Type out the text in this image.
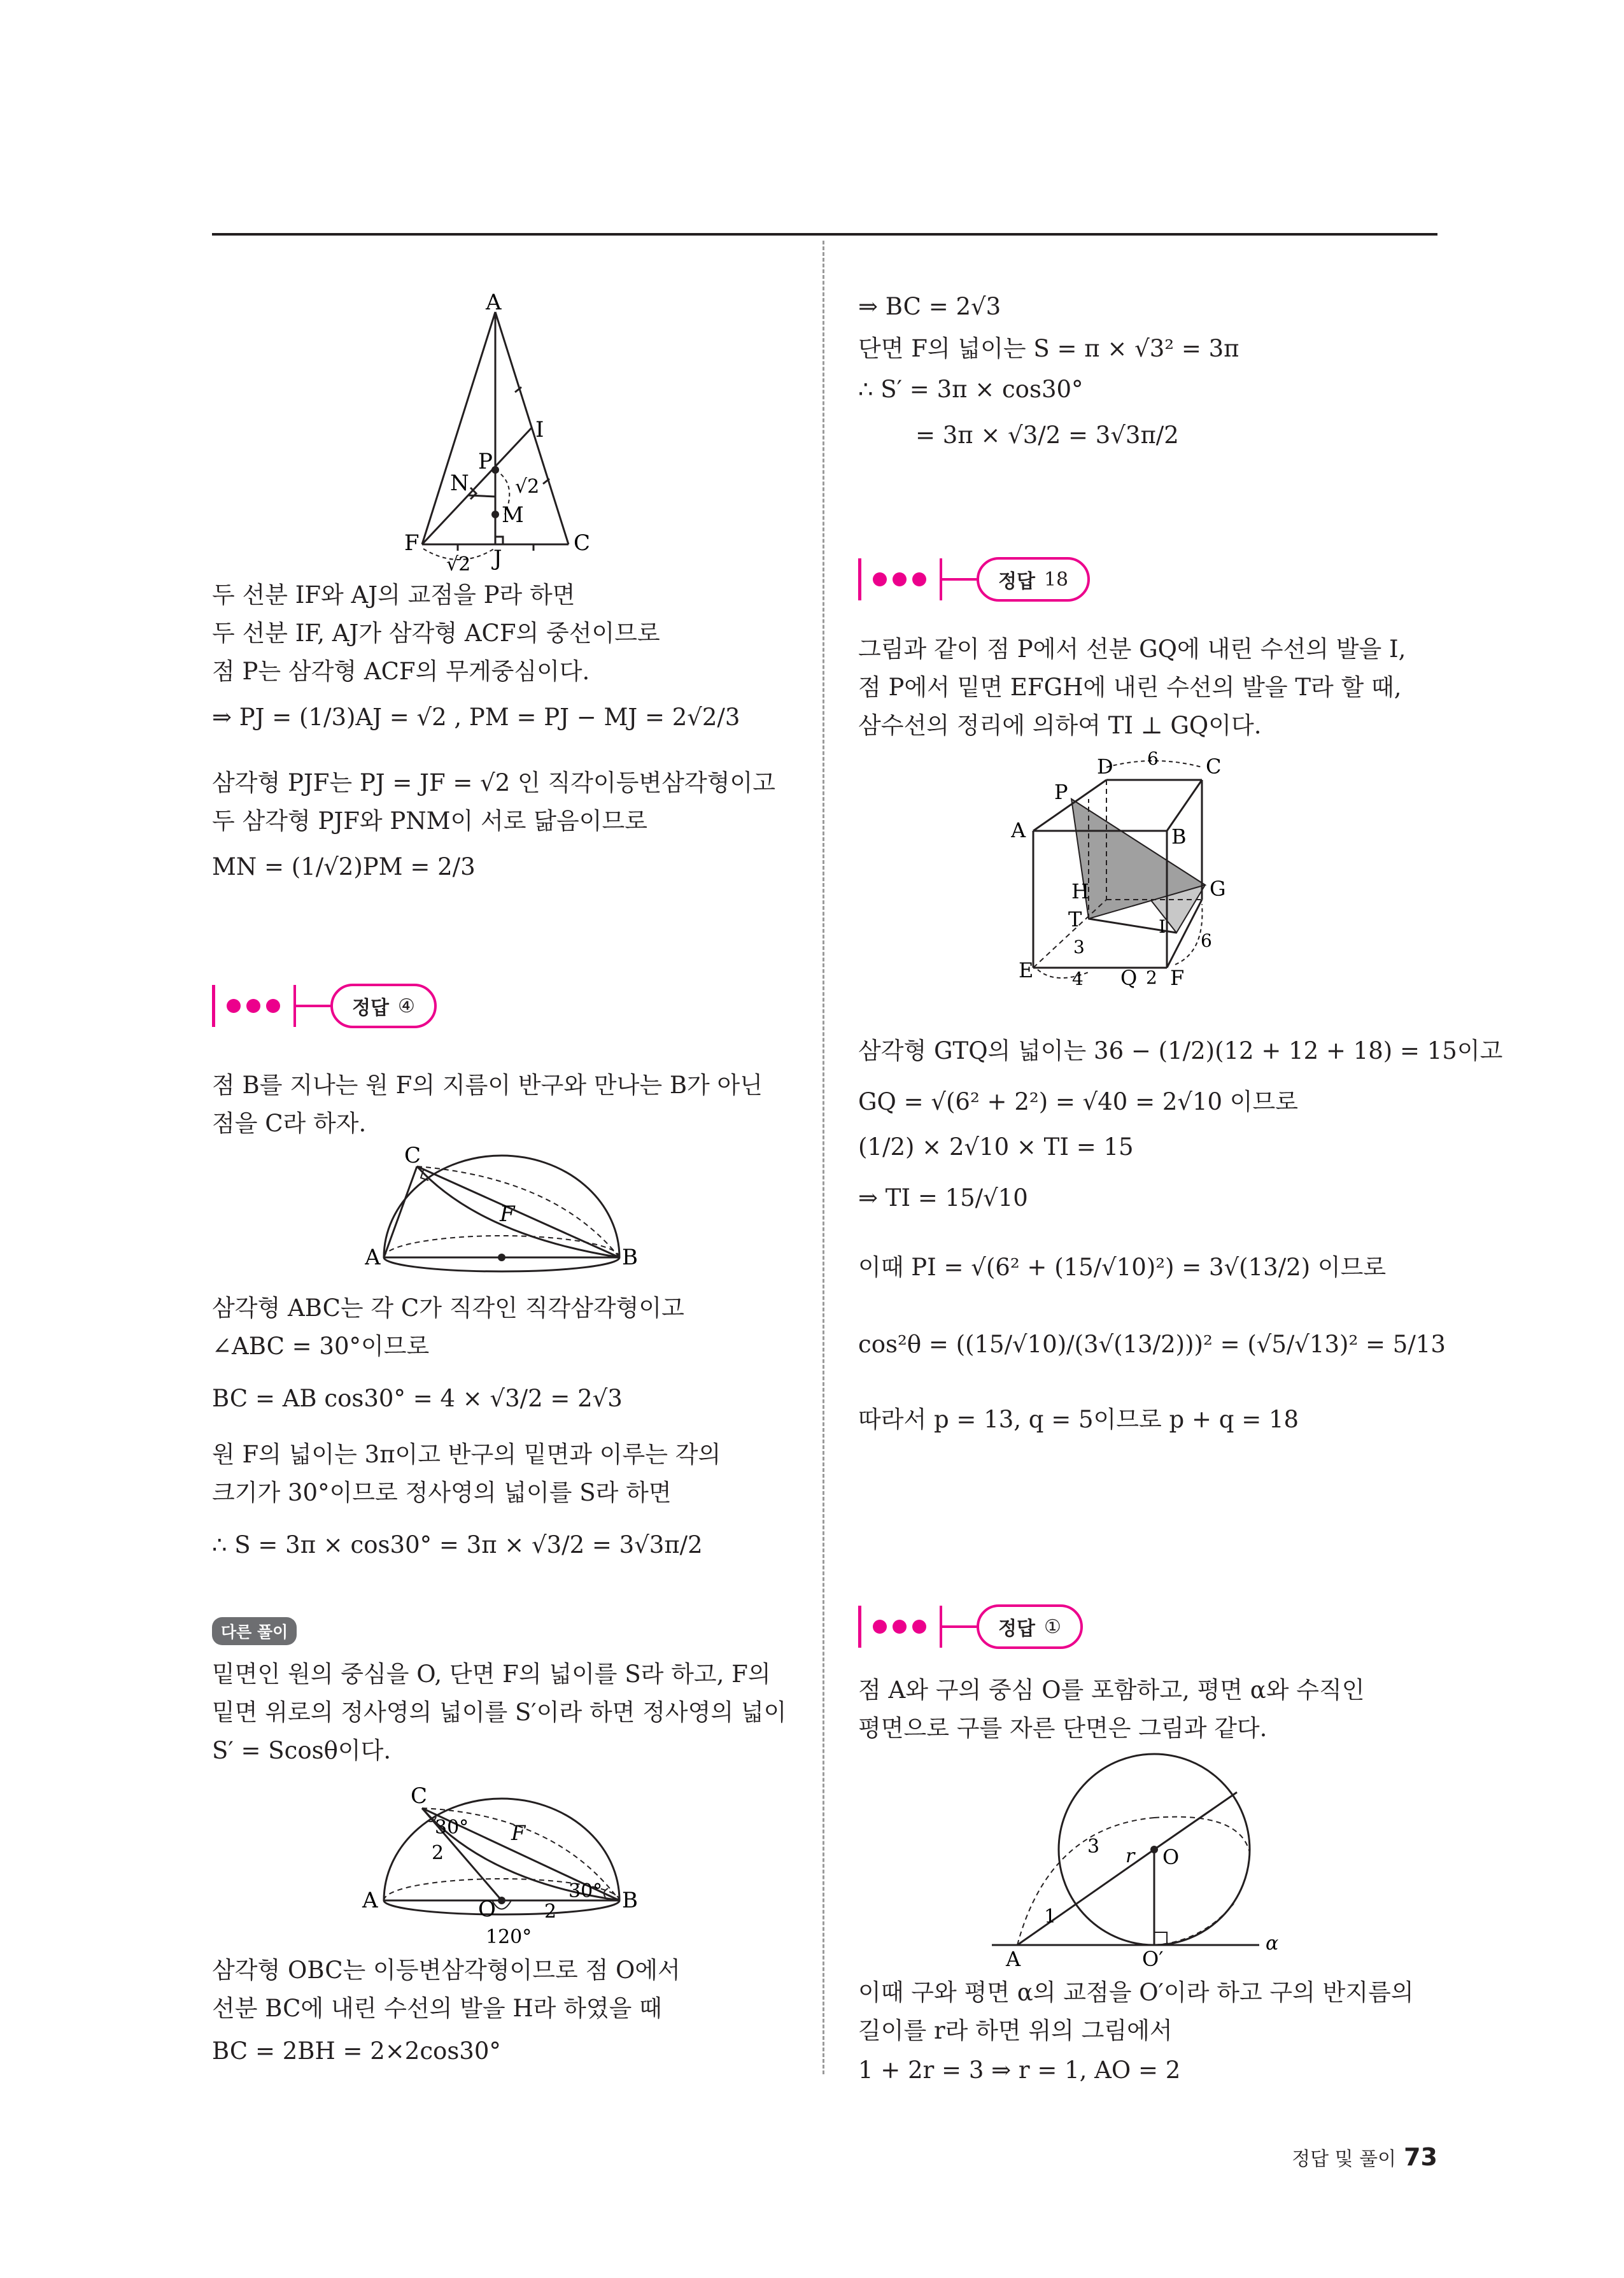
A
I
P
N √2
M
F
J
C
√2
두 선분 IF와 AJ의 교점을 P라 하면
두 선분 IF, AJ가 삼각형 ACF의 중선이므로
점 P는 삼각형 ACF의 무게중심이다.
⇒ PJ = (1/3)AJ = √2 , PM = PJ − MJ = 2√2/3
삼각형 PJF는 PJ = JF = √2 인 직각이등변삼각형이고
두 삼각형 PJF와 PNM이 서로 닮음이므로
MN = (1/√2)PM = 2/3
정답 ④
점 B를 지나는 원 F의 지름이 반구와 만나는 B가 아닌
점을 C라 하자.
C
F
A	B
삼각형 ABC는 각 C가 직각인 직각삼각형이고
∠ABC = 30°이므로
BC = AB cos30° = 4 × √3/2 = 2√3
원 F의 넓이는 3π이고 반구의 밑면과 이루는 각의
크기가 30°이므로 정사영의 넓이를 S라 하면
∴ S = 3π × cos30° = 3π × √3/2 = 3√3π/2
다른 풀이
밑면인 원의 중심을 O, 단면 F의 넓이를 S라 하고, F의
밑면 위로의 정사영의 넓이를 S′이라 하면 정사영의 넓이
S′ = Scosθ이다.
C
30°
2
F
A	O	2
30° B
120°
삼각형 OBC는 이등변삼각형이므로 점 O에서
선분 BC에 내린 수선의 발을 H라 하였을 때
BC = 2BH = 2×2cos30°
⇒ BC = 2√3
단면 F의 넓이는 S = π × √3² = 3π
∴ S′ = 3π × cos30°
= 3π × √3/2 = 3√3π/2
정답 18
그림과 같이 점 P에서 선분 GQ에 내린 수선의 발을 I,
점 P에서 밑면 EFGH에 내린 수선의 발을 T라 할 때,
삼수선의 정리에 의하여 TI ⊥ GQ이다.
D 6 C
P
A	B
H
T	I
G
3	6
E 4 Q 2 F
삼각형 GTQ의 넓이는 36 − (1/2)(12 + 12 + 18) = 15이고
GQ = √(6² + 2²) = √40 = 2√10 이므로
(1/2) × 2√10 × TI = 15
⇒ TI = 15/√10
이때 PI = √(6² + (15/√10)²) = 3√(13/2) 이므로
cos²θ = ((15/√10)/(3√(13/2)))² = (√5/√13)² = 5/13
따라서 p = 13, q = 5이므로 p + q = 18
정답 ①
점 A와 구의 중심 O를 포함하고, 평면 α와 수직인
평면으로 구를 자른 단면은 그림과 같다.
3 r O
1
A	O′
α
이때 구와 평면 α의 교점을 O′이라 하고 구의 반지름의
길이를 r라 하면 위의 그림에서
1 + 2r = 3 ⇒ r = 1, AO = 2
정답 및 풀이 73
